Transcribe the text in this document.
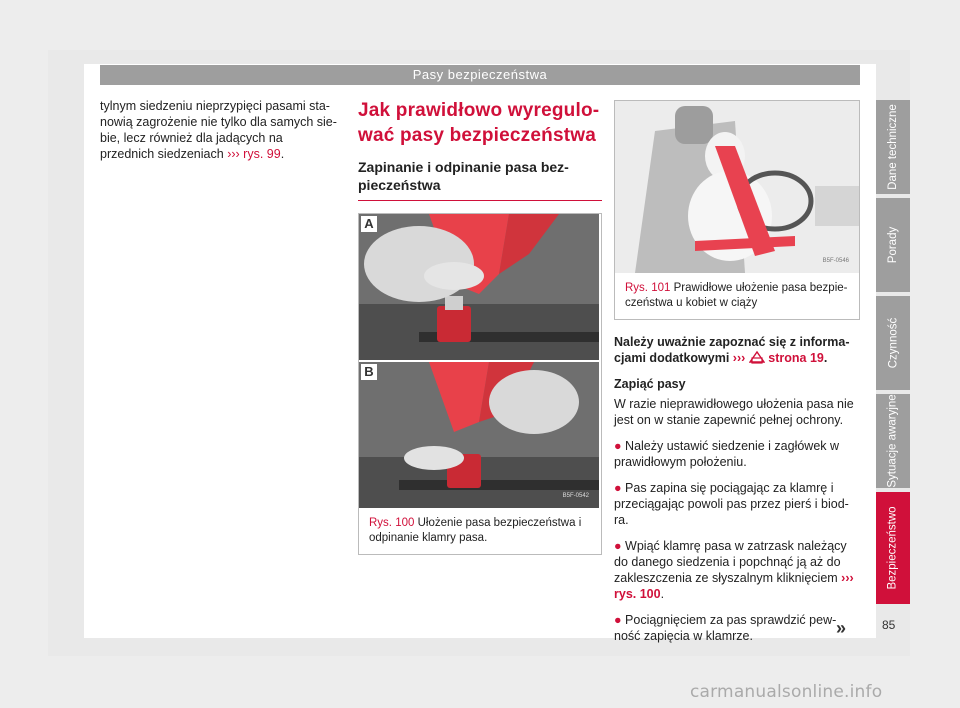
Pasy bezpieczeństwa
tylnym siedzeniu nieprzypięci pasami sta-nowią zagrożenie nie tylko dla samych sie-bie, lecz również dla jadących na przednich siedzeniach ››› rys. 99.
Jak prawidłowo wyregulo-wać pasy bezpieczeństwa
Zapinanie i odpinanie pasa bez-pieczeństwa
A
B
B5F-0542
Rys. 100 Ułożenie pasa bezpieczeństwa i odpinanie klamry pasa.
B5F-0546
Rys. 101 Prawidłowe ułożenie pasa bezpie-czeństwa u kobiet w ciąży

Należy uważnie zapoznać się z informa-cjami dodatkowymi ››› strona 19.

Zapiąć pasy

W razie nieprawidłowego ułożenia pasa nie jest on w stanie zapewnić pełnej ochrony.

● Należy ustawić siedzenie i zagłówek w prawidłowym położeniu.

● Pas zapina się pociągając za klamrę i przeciągając powoli pas przez pierś i biod-ra.

● Wpiąć klamrę pasa w zatrzask należący do danego siedzenia i popchnąć ją aż do zakleszczenia ze słyszalnym kliknięciem ››› rys. 100.

● Pociągnięciem za pas sprawdzić pew-ność zapięcia w klamrze.	»	85
Dane techniczne
Porady
Czynność
Sytuacje awaryjne
Bezpieczeństwo
carmanualsonline.info
